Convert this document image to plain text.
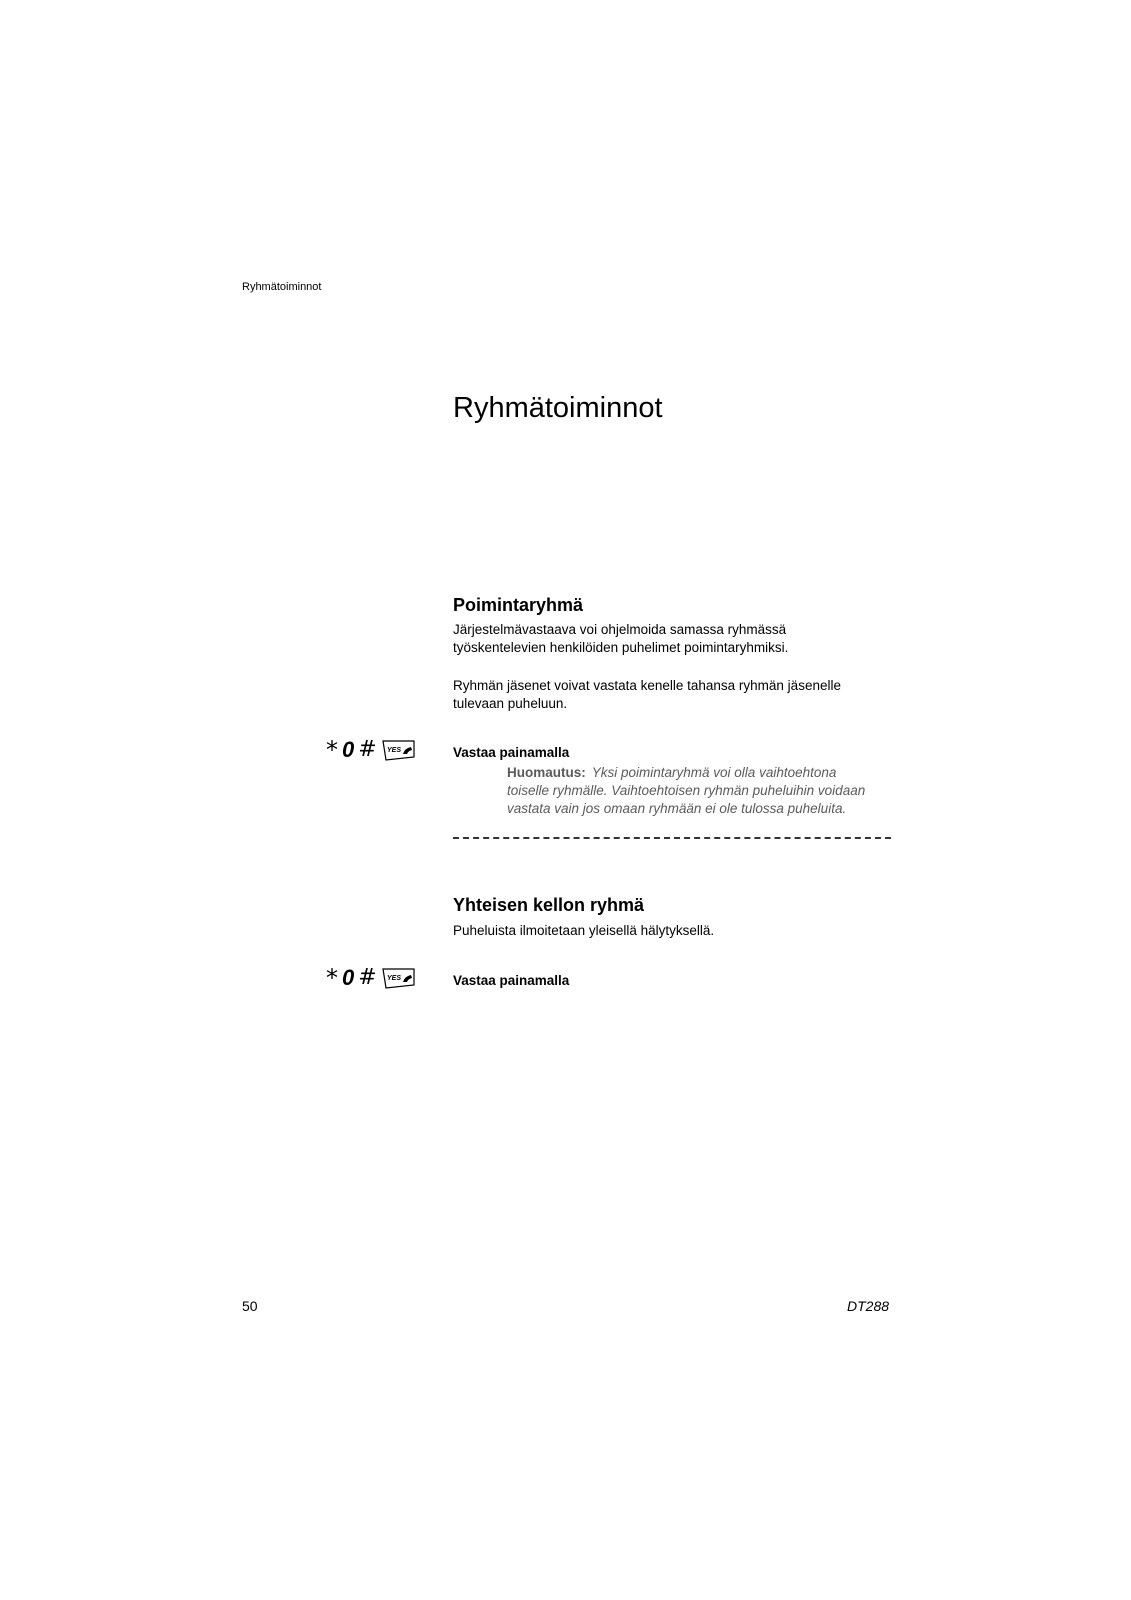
Ryhmätoiminnot
Ryhmätoiminnot
Poimintaryhmä
Järjestelmävastaava voi ohjelmoida samassa ryhmässä
työskentelevien henkilöiden puhelimet poimintaryhmiksi.
Ryhmän jäsenet voivat vastata kenelle tahansa ryhmän jäsenelle
tulevaan puheluun.
* 0 # YES	Vastaa painamalla
Huomautus: Yksi poimintaryhmä voi olla vaihtoehtona
toiselle ryhmälle. Vaihtoehtoisen ryhmän puheluihin voidaan
vastata vain jos omaan ryhmään ei ole tulossa puheluita.
Yhteisen kellon ryhmä
Puheluista ilmoitetaan yleisellä hälytyksellä.
* 0 # YES	Vastaa painamalla
50	DT288
